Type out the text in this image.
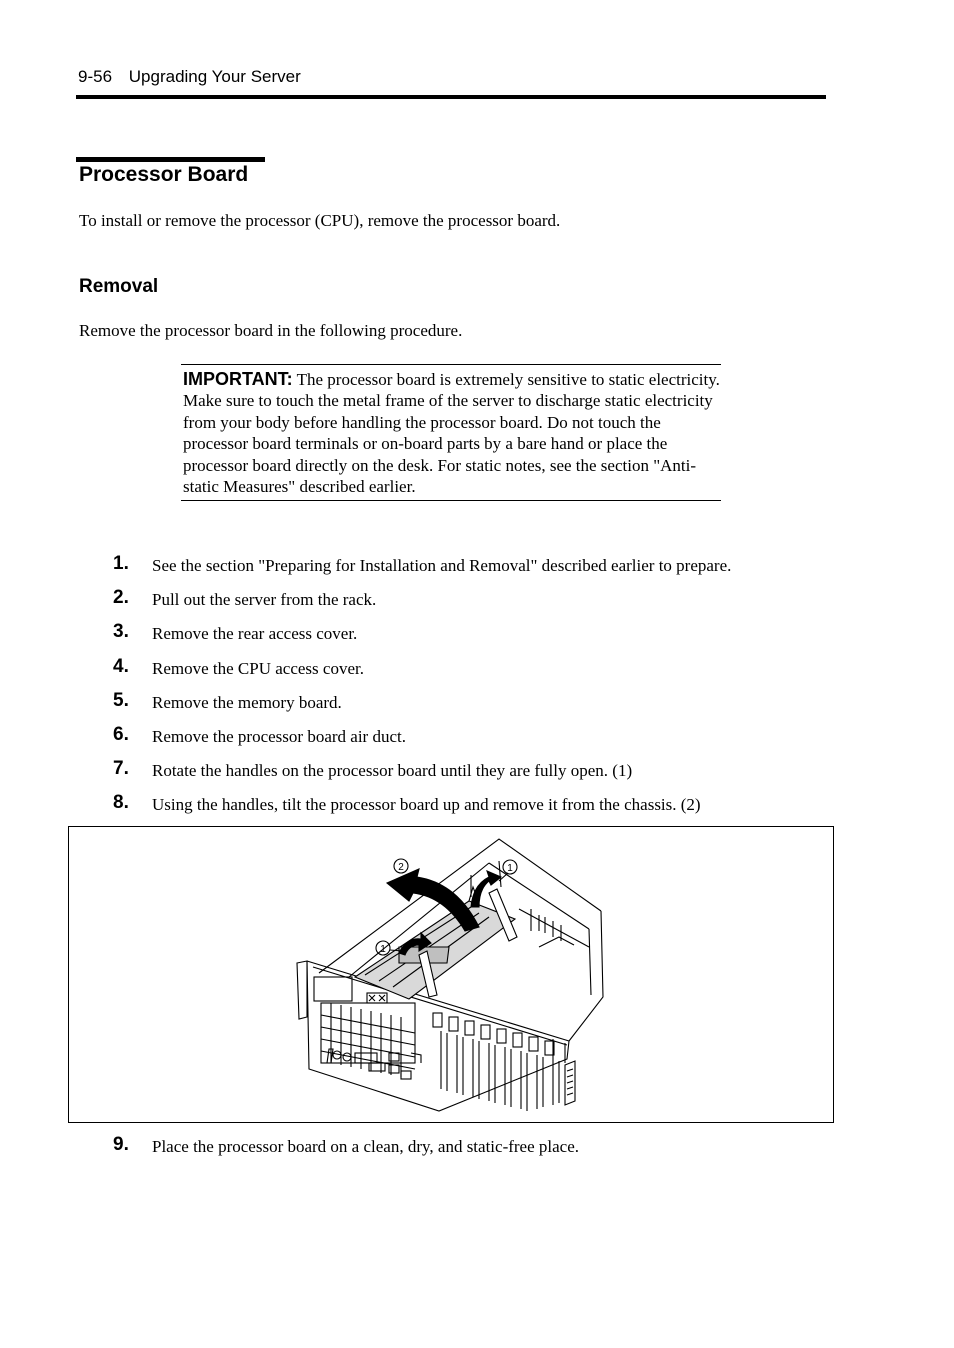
9-56 Upgrading Your Server
Processor Board
To install or remove the processor (CPU), remove the processor board.
Removal
Remove the processor board in the following procedure.
IMPORTANT: The processor board is extremely sensitive to static electricity. Make sure to touch the metal frame of the server to discharge static electricity from your body before handling the processor board. Do not touch the processor board terminals or on-board parts by a bare hand or place the processor board directly on the desk. For static notes, see the section "Anti-static Measures" described earlier.
1. See the section "Preparing for Installation and Removal" described earlier to prepare.
2. Pull out the server from the rack.
3. Remove the rear access cover.
4. Remove the CPU access cover.
5. Remove the memory board.
6. Remove the processor board air duct.
7. Rotate the handles on the processor board until they are fully open. (1)
8. Using the handles, tilt the processor board up and remove it from the chassis. (2)
2	1
1
9. Place the processor board on a clean, dry, and static-free place.
